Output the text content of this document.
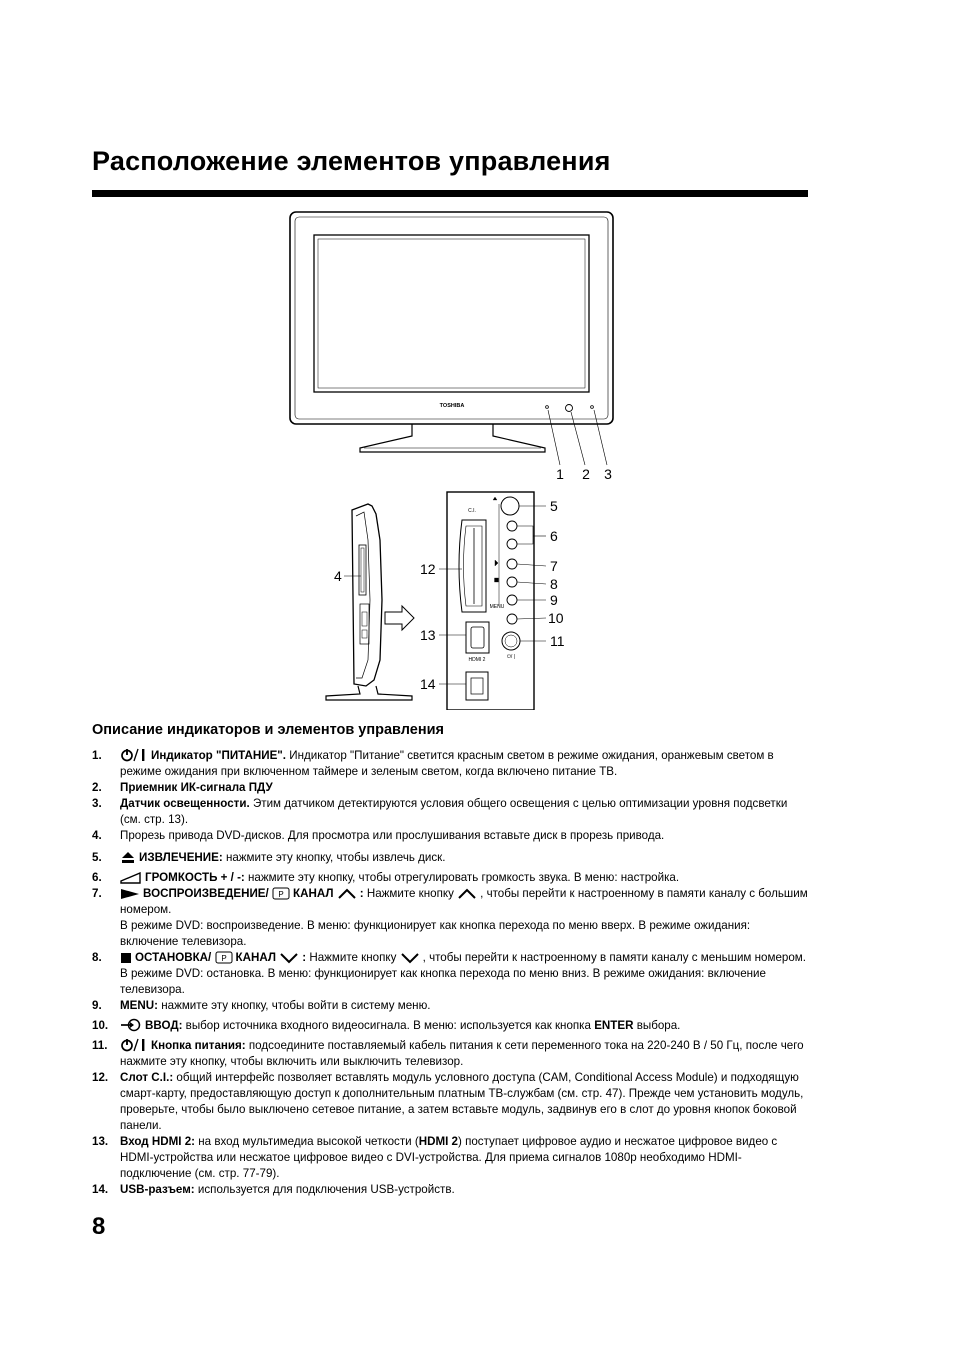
Расположение элементов управления
TOSHIBA
1 2 3
4
C.I.
MENU
HDMI 2	⏻/ |
5
6
7
8
9
10
11
12
13
14
Описание индикаторов и элементов управления
1.	Индикатор "ПИТАНИЕ". Индикатор "Питание" светится красным светом в режиме ожидания, оранжевым светом в режиме ожидания при включенном таймере и зеленым светом, когда включено питание ТВ.
2. Приемник ИК-сигнала ПДУ
3. Датчик освещенности. Этим датчиком детектируются условия общего освещения с целью оптимизации уровня подсветки (см. стр. 13).
4. Прорезь привода DVD-дисков. Для просмотра или прослушивания вставьте диск в прорезь привода.
5.	ИЗВЛЕЧЕНИЕ: нажмите эту кнопку, чтобы извлечь диск.
6.	ГРОМКОСТЬ + / -: нажмите эту кнопку, чтобы отрегулировать громкость звука. В меню: настройка.
7.	ВОСПРОИЗВЕДЕНИЕ/ P КАНАЛ : Нажмите кнопку , чтобы перейти к настроенному в памяти каналу с большим номером.
В режиме DVD: воспроизведение. В меню: функционирует как кнопка перехода по меню вверх. В режиме ожидания: включение телевизора.
8.	ОСТАНОВКА/ P КАНАЛ : Нажмите кнопку , чтобы перейти к настроенному в памяти каналу с меньшим номером.
В режиме DVD: остановка. В меню: функционирует как кнопка перехода по меню вниз. В режиме ожидания: включение телевизора.
9. MENU: нажмите эту кнопку, чтобы войти в систему меню.
10.	ВВОД: выбор источника входного видеосигнала. В меню: используется как кнопка ENTER выбора.
11.	Кнопка питания: подсоедините поставляемый кабель питания к сети переменного тока на 220-240 В / 50 Гц, после чего нажмите эту кнопку, чтобы включить или выключить телевизор.
12. Слот C.I.: общий интерфейс позволяет вставлять модуль условного доступа (CAM, Conditional Access Module) и подходящую смарт-карту, предоставляющую доступ к дополнительным платным ТВ-службам (см. стр. 47). Прежде чем установить модуль, проверьте, чтобы было выключено сетевое питание, а затем вставьте модуль, задвинув его в слот до уровня кнопок боковой панели.
13. Вход HDMI 2: на вход мультимедиа высокой четкости (HDMI 2) поступает цифровое аудио и несжатое цифровое видео с HDMI-устройства или несжатое цифровое видео с DVI-устройства. Для приема сигналов 1080p необходимо HDMI-подключение (см. стр. 77-79).
14. USB-разъем: используется для подключения USB-устройств.
8
